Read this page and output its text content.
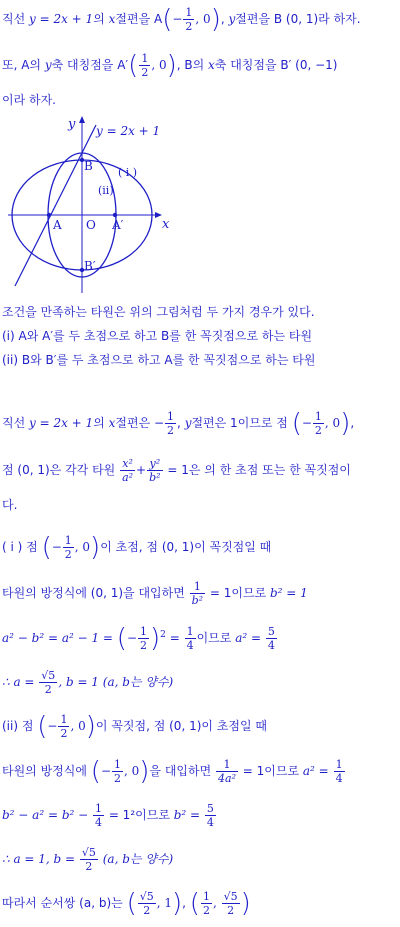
직선 y = 2x + 1의 x절편을 $A(- \frac{1}{2}$ , 0), y절편을 B (0, 1)라 하자.
또, A의 y축 대칭점을 $A'( \frac{1}{2}$ , 0), B의 x축 대칭점을 B′ (0, −1)
이라 하자.
y y = 2x + 1
B ( i )
(ii)
A O A′	x
B′
조건을 만족하는 타원은 위의 그림처럼 두 가지 경우가 있다.
(i) A와 A′를 두 초점으로 하고 B를 한 꼭짓점으로 하는 타원
(ii) B와 B′를 두 초점으로 하고 A를 한 꼭짓점으로 하는 타원
직선 y = 2x + 1의 x절편은 − $\frac{1}{2}$ , y절편은 1이므로 점 (− $\frac{1}{2}$ , 0),
점 (0, 1)은 각각 타원 $\frac{\text{x²}}{\text{a²}} + \frac{\text{y²}}{\text{b²}} = 1$은 의 한 초점 또는 한 꼭짓점이
다.
( i ) 점 (− $\frac{1}{2}$ , 0)이 초점, 점 (0, 1)이 꼭짓점일 때
타원의 방정식에 (0, 1)을 대입하면 $\frac{1}{\text{b²}} = 1$이므로 b² = 1
a² − b² = a² − 1 = (− $\frac{1}{2} )^2 = \frac{1}{4}$ 이므로 $a^2 = \frac{5}{4}$
∴ $a = \frac{√5}{2}$ , b = 1 (a, b는 양수)
(ii) 점 (− $\frac{1}{2}$ , 0)이 꼭짓점, 점 (0, 1)이 초점일 때
타원의 방정식에 (− $\frac{1}{2}$ , 0)을 대입하면 $\frac{1}{\text{4a²}} = 1$이므로 $a^2 = \frac{1}{4}$
$b^2 - a^2 = b^2 - \frac{1}{4} = 1^2$이므로 $b^2 = \frac{5}{4}$
∴ a = 1, $b = \frac{√5}{2} (a$, b는 양수)
따라서 순서쌍 (a, b)는 ( $\frac{√5}{2}$ , 1), ( $\frac{1}{2}$ , $\frac{√5}{2}$ )
